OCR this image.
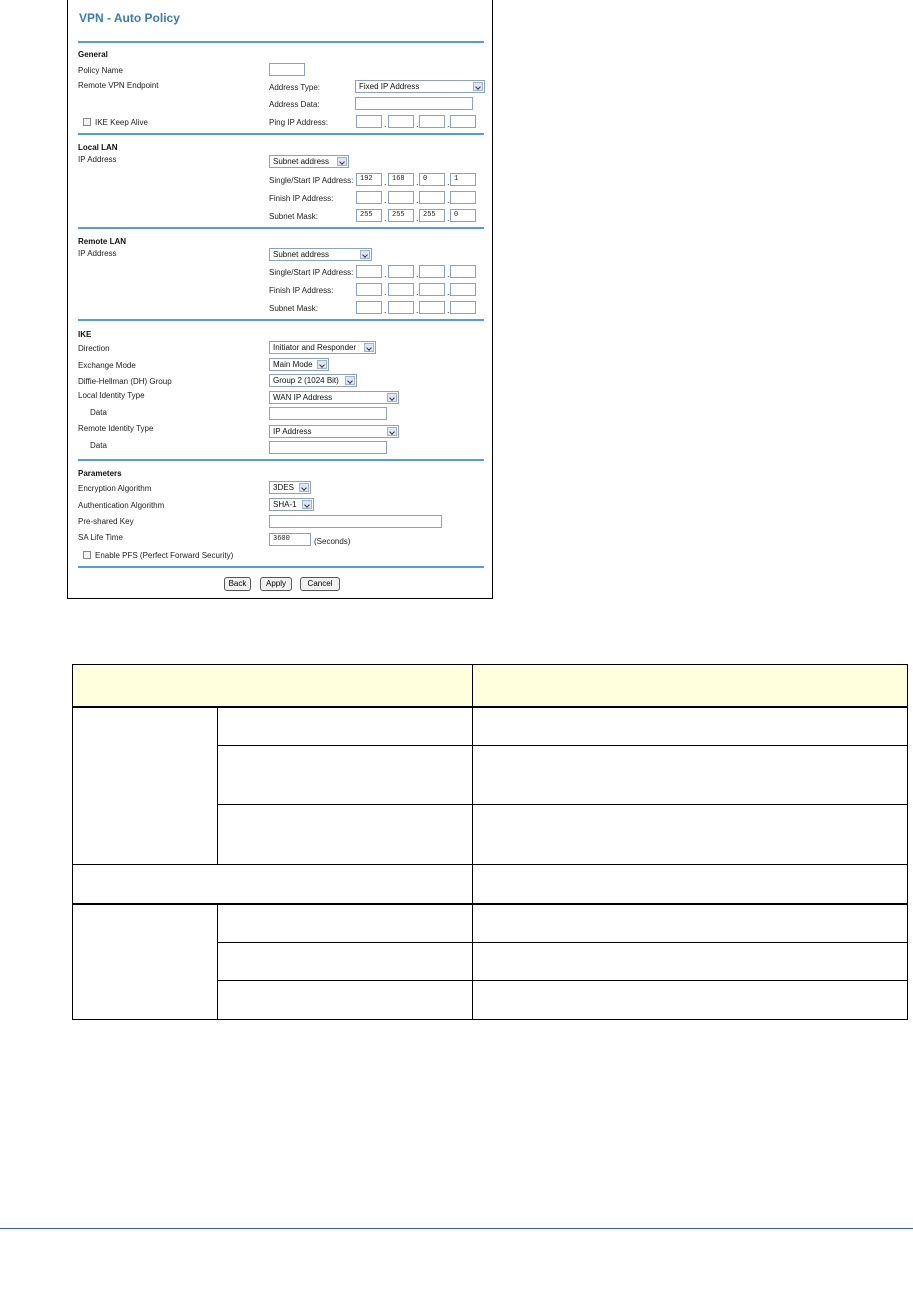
VPN - Auto Policy
General
Policy Name
Remote VPN Endpoint	Address Type:	Fixed IP Address
Address Data:
IKE Keep Alive	Ping IP Address:	.	.	.
Local LAN
IP Address	Subnet address
Single/Start IP Address: 192	. 168	. 0	. 1
Finish IP Address:	.	.	.
Subnet Mask:	255	. 255	. 255	. 0
Remote LAN
IP Address	Subnet address
Single/Start IP Address:	.	.	.
Finish IP Address:	.	.	.
Subnet Mask:	.	.	.
IKE
Direction	Initiator and Responder
Exchange Mode	Main Mode
Diffie-Hellman (DH) Group	Group 2 (1024 Bit)
Local Identity Type	WAN IP Address
Data
Remote Identity Type	IP Address
Data
Parameters
Encryption Algorithm	3DES
Authentication Algorithm	SHA-1
Pre-shared Key
SA Life Time	3600	(Seconds)
Enable PFS (Perfect Forward Security)
Back	Apply	Cancel
